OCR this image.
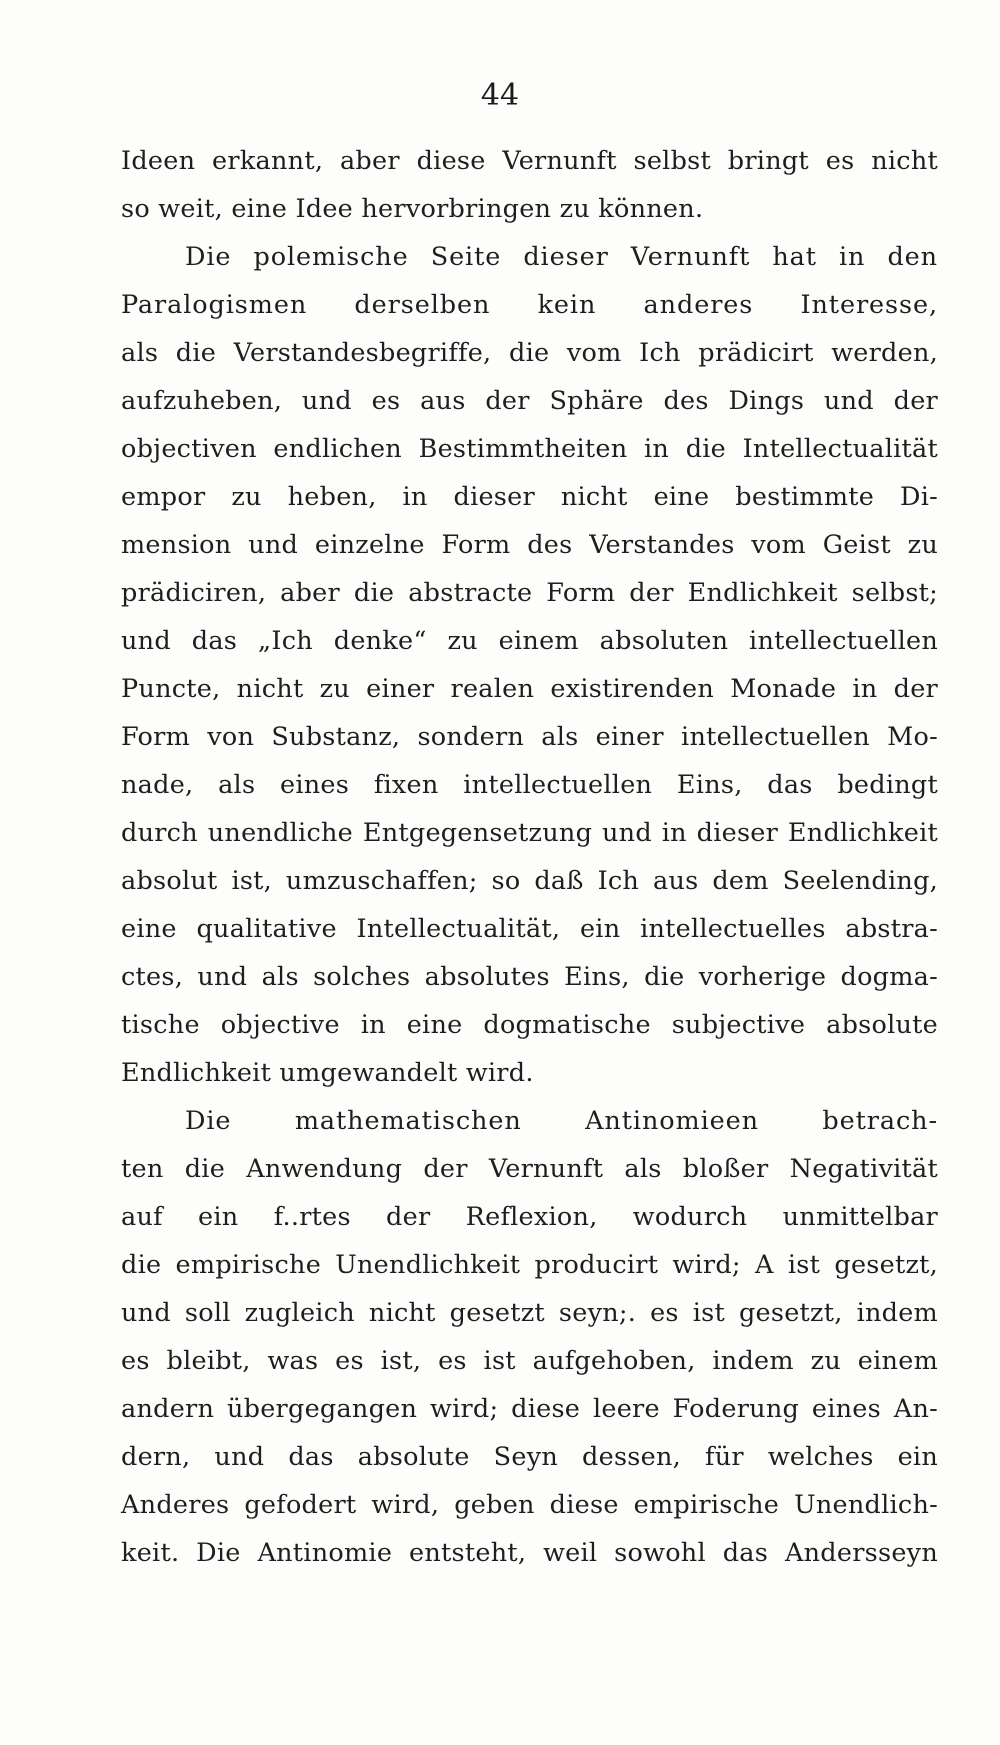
44

Ideen erkannt, aber diese Vernunft selbst bringt es nicht
so weit, eine Idee hervorbringen zu können.
Die polemische Seite dieser Vernunft hat in den
Paralogismen derselben kein anderes Interesse,
als die Verstandesbegriffe, die vom Ich prädicirt werden,
aufzuheben, und es aus der Sphäre des Dings und der
objectiven endlichen Bestimmtheiten in die Intellectualität
empor zu heben, in dieser nicht eine bestimmte Di-
mension und einzelne Form des Verstandes vom Geist zu
prädiciren, aber die abstracte Form der Endlichkeit selbst;
und das „Ich denke“ zu einem absoluten intellectuellen
Puncte, nicht zu einer realen existirenden Monade in der
Form von Substanz, sondern als einer intellectuellen Mo-
nade, als eines fixen intellectuellen Eins, das bedingt
durch unendliche Entgegensetzung und in dieser Endlichkeit
absolut ist, umzuschaffen; so daß Ich aus dem Seelending,
eine qualitative Intellectualität, ein intellectuelles abstra-
ctes, und als solches absolutes Eins, die vorherige dogma-
tische objective in eine dogmatische subjective absolute
Endlichkeit umgewandelt wird.
Die mathematischen Antinomieen betrach-
ten die Anwendung der Vernunft als bloßer Negativität
auf ein f..rtes der Reflexion, wodurch unmittelbar
die empirische Unendlichkeit producirt wird; A ist gesetzt,
und soll zugleich nicht gesetzt seyn;. es ist gesetzt, indem
es bleibt, was es ist, es ist aufgehoben, indem zu einem
andern übergegangen wird; diese leere Foderung eines An-
dern, und das absolute Seyn dessen, für welches ein
Anderes gefodert wird, geben diese empirische Unendlich-
keit. Die Antinomie entsteht, weil sowohl das Andersseyn
